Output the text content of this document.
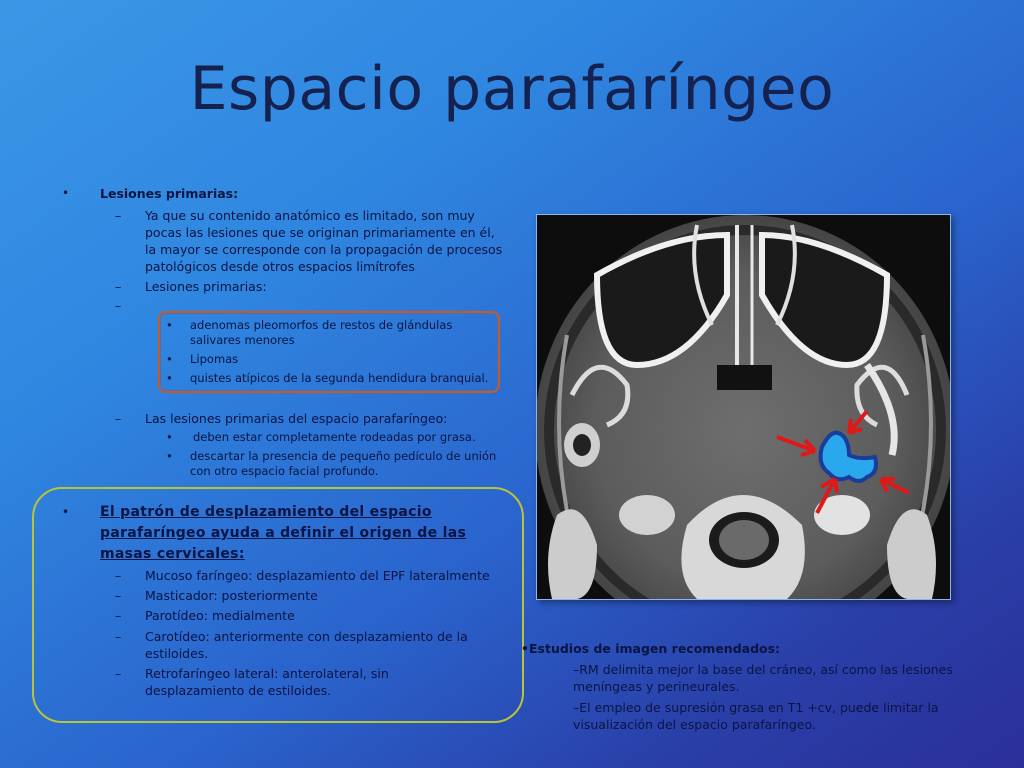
Espacio parafaríngeo
• Lesiones primarias:
– Ya que su contenido anatómico es limitado, son muy pocas las lesiones que se originan primariamente en él, la mayor se corresponde con la propagación de procesos patológicos desde otros espacios limítrofes
– Lesiones primarias:
–
• adenomas pleomorfos de restos de glándulas salivares menores
• Lipomas
• quistes atípicos de la segunda hendidura branquial.
– Las lesiones primarias del espacio parafaríngeo:
• deben estar completamente rodeadas por grasa.
• descartar la presencia de pequeño pedículo de unión con otro espacio facial profundo.
• El patrón de desplazamiento del espacio parafaríngeo ayuda a definir el origen de las masas cervicales:
– Mucoso faríngeo: desplazamiento del EPF lateralmente
– Masticador: posteriormente
– Parotídeo: medialmente
– Carotídeo: anteriormente con desplazamiento de la estiloides.
– Retrofaríngeo lateral: anterolateral, sin desplazamiento de estiloides.
•Estudios de imagen recomendados:
–RM delimita mejor la base del cráneo, así como las lesiones meníngeas y perineurales.
–El empleo de supresión grasa en T1 +cv, puede limitar la visualización del espacio parafaríngeo.
